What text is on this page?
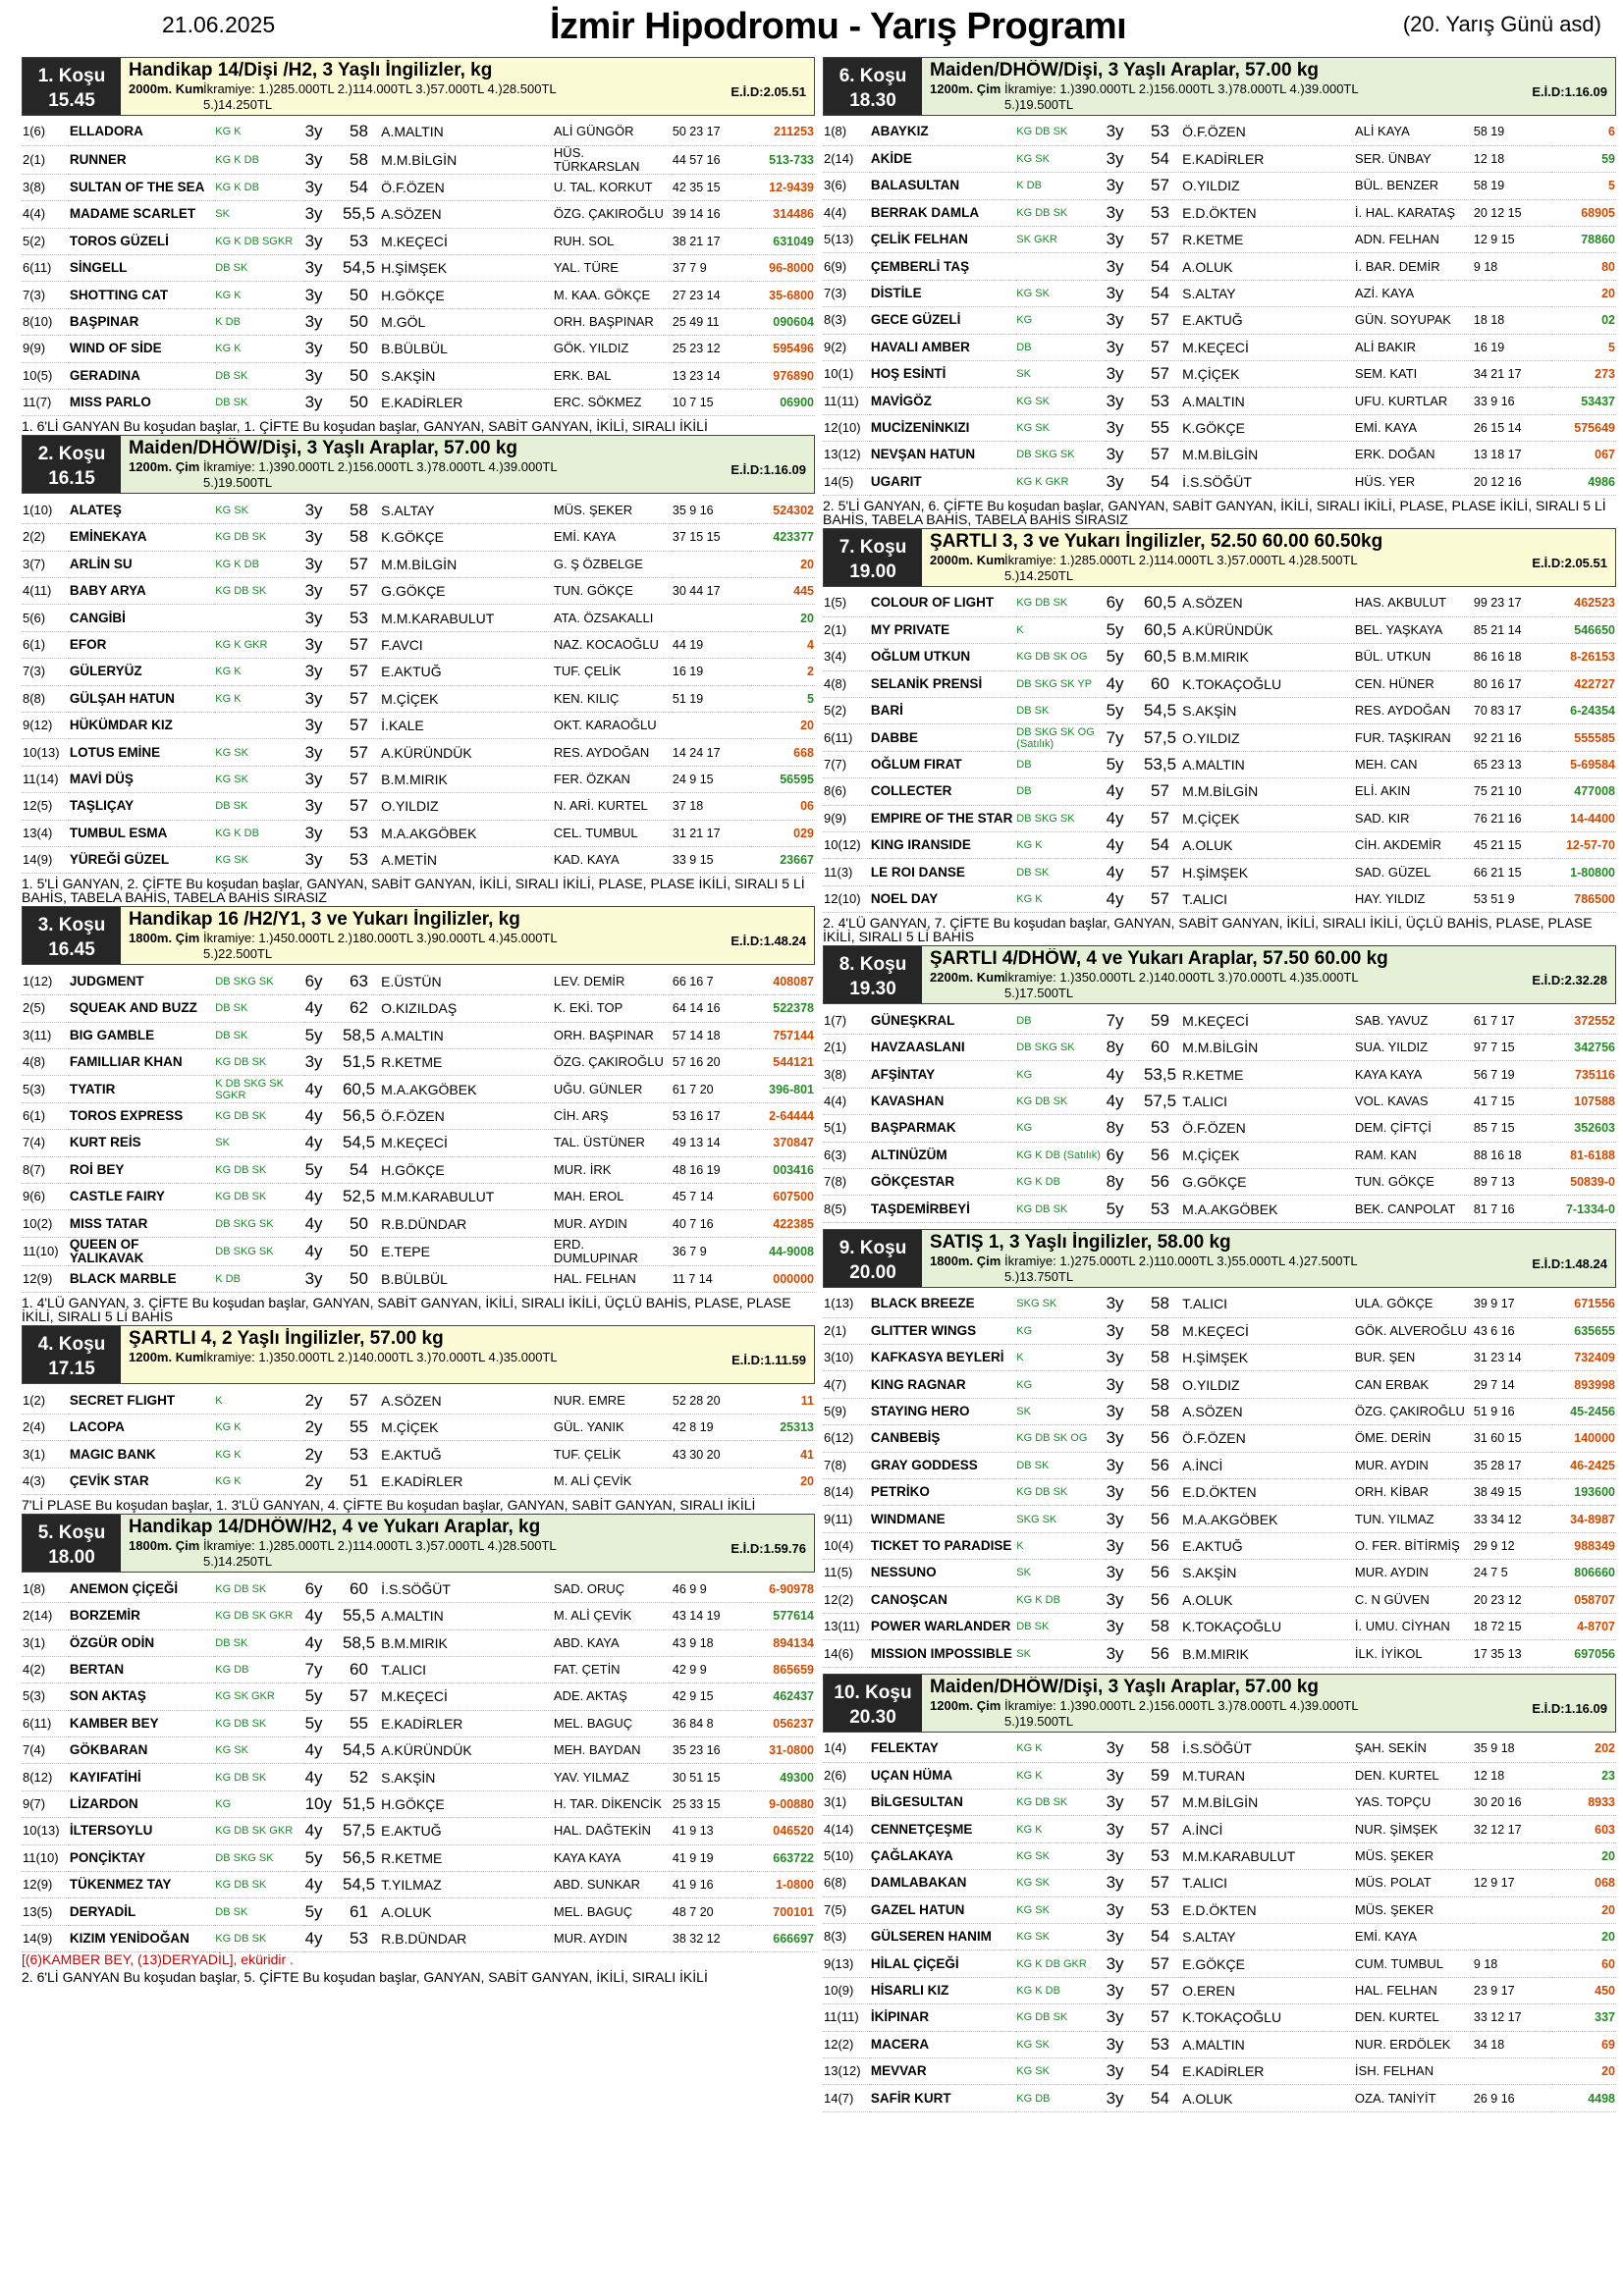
21.06.2025	İzmir Hipodromu - Yarış Programı	(20. Yarış Günü asd)
1. Koşu
15.45
Handikap 14/Dişi /H2, 3 Yaşlı İngilizler, kg
2000m. Kumİkramiye: 1.)285.000TL 2.)114.000TL 3.)57.000TL 4.)28.500TL
5.)14.250TL
E.İ.D:2.05.51
1(6)	ELLADORA	KG K	3y	58	A.MALTIN	ALİ GÜNGÖR	50 23 17	211253
2(1)	RUNNER	KG K DB	3y	58	M.M.BİLGİN	HÜS. TÜRKARSLAN	44 57 16	513-733
3(8)	SULTAN OF THE SEA	KG K DB	3y	54	Ö.F.ÖZEN	U. TAL. KORKUT	42 35 15	12-9439
4(4)	MADAME SCARLET	SK	3y	55,5	A.SÖZEN	ÖZG. ÇAKIROĞLU	39 14 16	314486
5(2)	TOROS GÜZELİ	KG K DB SGKR	3y	53	M.KEÇECİ	RUH. SOL	38 21 17	631049
6(11)	SİNGELL	DB SK	3y	54,5	H.ŞİMŞEK	YAL. TÜRE	37 7 9	96-8000
7(3)	SHOTTING CAT	KG K	3y	50	H.GÖKÇE	M. KAA. GÖKÇE	27 23 14	35-6800
8(10)	BAŞPINAR	K DB	3y	50	M.GÖL	ORH. BAŞPINAR	25 49 11	090604
9(9)	WIND OF SİDE	KG K	3y	50	B.BÜLBÜL	GÖK. YILDIZ	25 23 12	595496
10(5)	GERADINA	DB SK	3y	50	S.AKŞİN	ERK. BAL	13 23 14	976890
11(7)	MISS PARLO	DB SK	3y	50	E.KADİRLER	ERC. SÖKMEZ	10 7 15	06900
1. 6'Lİ GANYAN Bu koşudan başlar, 1. ÇİFTE Bu koşudan başlar, GANYAN, SABİT GANYAN, İKİLİ, SIRALI İKİLİ
2. Koşu
16.15
Maiden/DHÖW/Dişi, 3 Yaşlı Araplar, 57.00 kg
1200m. Çim İkramiye: 1.)390.000TL 2.)156.000TL 3.)78.000TL 4.)39.000TL
5.)19.500TL
E.İ.D:1.16.09
1(10)	ALATEŞ	KG SK	3y	58	S.ALTAY	MÜS. ŞEKER	35 9 16	524302
2(2)	EMİNEKAYA	KG DB SK	3y	58	K.GÖKÇE	EMİ. KAYA	37 15 15	423377
3(7)	ARLİN SU	KG K DB	3y	57	M.M.BİLGİN	G. Ş ÖZBELGE		20
4(11)	BABY ARYA	KG DB SK	3y	57	G.GÖKÇE	TUN. GÖKÇE	30 44 17	445
5(6)	CANGİBİ		3y	53	M.M.KARABULUT	ATA. ÖZSAKALLI		20
6(1)	EFOR	KG K GKR	3y	57	F.AVCI	NAZ. KOCAOĞLU	44 19	4
7(3)	GÜLERYÜZ	KG K	3y	57	E.AKTUĞ	TUF. ÇELİK	16 19	2
8(8)	GÜLŞAH HATUN	KG K	3y	57	M.ÇİÇEK	KEN. KILIÇ	51 19	5
9(12)	HÜKÜMDAR KIZ		3y	57	İ.KALE	OKT. KARAOĞLU		20
10(13)	LOTUS EMİNE	KG SK	3y	57	A.KÜRÜNDÜK	RES. AYDOĞAN	14 24 17	668
11(14)	MAVİ DÜŞ	KG SK	3y	57	B.M.MIRIK	FER. ÖZKAN	24 9 15	56595
12(5)	TAŞLIÇAY	DB SK	3y	57	O.YILDIZ	N. ARİ. KURTEL	37 18	06
13(4)	TUMBUL ESMA	KG K DB	3y	53	M.A.AKGÖBEK	CEL. TUMBUL	31 21 17	029
14(9)	YÜREĞİ GÜZEL	KG SK	3y	53	A.METİN	KAD. KAYA	33 9 15	23667
1. 5'Lİ GANYAN, 2. ÇİFTE Bu koşudan başlar, GANYAN, SABİT GANYAN, İKİLİ, SIRALI İKİLİ, PLASE, PLASE İKİLİ, SIRALI 5 Lİ BAHİS, TABELA BAHİS, TABELA BAHİS SIRASIZ
3. Koşu
16.45
Handikap 16 /H2/Y1, 3 ve Yukarı İngilizler, kg
1800m. Çim İkramiye: 1.)450.000TL 2.)180.000TL 3.)90.000TL 4.)45.000TL
5.)22.500TL
E.İ.D:1.48.24
1(12)	JUDGMENT	DB SKG SK	6y	63	E.ÜSTÜN	LEV. DEMİR	66 16 7	408087
2(5)	SQUEAK AND BUZZ	DB SK	4y	62	O.KIZILDAŞ	K. EKİ. TOP	64 14 16	522378
3(11)	BIG GAMBLE	DB SK	5y	58,5	A.MALTIN	ORH. BAŞPINAR	57 14 18	757144
4(8)	FAMILLIAR KHAN	KG DB SK	3y	51,5	R.KETME	ÖZG. ÇAKIROĞLU	57 16 20	544121
5(3)	TYATIR	K DB SKG SK SGKR	4y	60,5	M.A.AKGÖBEK	UĞU. GÜNLER	61 7 20	396-801
6(1)	TOROS EXPRESS	KG DB SK	4y	56,5	Ö.F.ÖZEN	CİH. ARŞ	53 16 17	2-64444
7(4)	KURT REİS	SK	4y	54,5	M.KEÇECİ	TAL. ÜSTÜNER	49 13 14	370847
8(7)	ROİ BEY	KG DB SK	5y	54	H.GÖKÇE	MUR. İRK	48 16 19	003416
9(6)	CASTLE FAIRY	KG DB SK	4y	52,5	M.M.KARABULUT	MAH. EROL	45 7 14	607500
10(2)	MISS TATAR	DB SKG SK	4y	50	R.B.DÜNDAR	MUR. AYDIN	40 7 16	422385
11(10)	QUEEN OF YALIKAVAK	DB SKG SK	4y	50	E.TEPE	ERD. DUMLUPINAR	36 7 9	44-9008
12(9)	BLACK MARBLE	K DB	3y	50	B.BÜLBÜL	HAL. FELHAN	11 7 14	000000
1. 4'LÜ GANYAN, 3. ÇİFTE Bu koşudan başlar, GANYAN, SABİT GANYAN, İKİLİ, SIRALI İKİLİ, ÜÇLÜ BAHİS, PLASE, PLASE İKİLİ, SIRALI 5 Lİ BAHİS
4. Koşu
17.15
ŞARTLI 4, 2 Yaşlı İngilizler, 57.00 kg
1200m. Kumİkramiye: 1.)350.000TL 2.)140.000TL 3.)70.000TL 4.)35.000TL	E.İ.D:1.11.59
1(2)	SECRET FLIGHT	K	2y	57	A.SÖZEN	NUR. EMRE	52 28 20	11
2(4)	LACOPA	KG K	2y	55	M.ÇİÇEK	GÜL. YANIK	42 8 19	25313
3(1)	MAGIC BANK	KG K	2y	53	E.AKTUĞ	TUF. ÇELİK	43 30 20	41
4(3)	ÇEVİK STAR	KG K	2y	51	E.KADİRLER	M. ALİ ÇEVİK		20
7'Lİ PLASE Bu koşudan başlar, 1. 3'LÜ GANYAN, 4. ÇİFTE Bu koşudan başlar, GANYAN, SABİT GANYAN, SIRALI İKİLİ
5. Koşu
18.00
Handikap 14/DHÖW/H2, 4 ve Yukarı Araplar, kg
1800m. Çim İkramiye: 1.)285.000TL 2.)114.000TL 3.)57.000TL 4.)28.500TL
5.)14.250TL
E.İ.D:1.59.76
1(8)	ANEMON ÇİÇEĞİ	KG DB SK	6y	60	İ.S.SÖĞÜT	SAD. ORUÇ	46 9 9	6-90978
2(14)	BORZEMİR	KG DB SK GKR	4y	55,5	A.MALTIN	M. ALİ ÇEVİK	43 14 19	577614
3(1)	ÖZGÜR ODİN	DB SK	4y	58,5	B.M.MIRIK	ABD. KAYA	43 9 18	894134
4(2)	BERTAN	KG DB	7y	60	T.ALICI	FAT. ÇETİN	42 9 9	865659
5(3)	SON AKTAŞ	KG SK GKR	5y	57	M.KEÇECİ	ADE. AKTAŞ	42 9 15	462437
6(11)	KAMBER BEY	KG DB SK	5y	55	E.KADİRLER	MEL. BAGUÇ	36 84 8	056237
7(4)	GÖKBARAN	KG SK	4y	54,5	A.KÜRÜNDÜK	MEH. BAYDAN	35 23 16	31-0800
8(12)	KAYIFATİHİ	KG DB SK	4y	52	S.AKŞİN	YAV. YILMAZ	30 51 15	49300
9(7)	LİZARDON	KG	10y	51,5	H.GÖKÇE	H. TAR. DİKENCİK	25 33 15	9-00880
10(13)	İLTERSOYLU	KG DB SK GKR	4y	57,5	E.AKTUĞ	HAL. DAĞTEKİN	41 9 13	046520
11(10)	PONÇİKTAY	DB SKG SK	5y	56,5	R.KETME	KAYA KAYA	41 9 19	663722
12(9)	TÜKENMEZ TAY	KG DB SK	4y	54,5	T.YILMAZ	ABD. SUNKAR	41 9 16	1-0800
13(5)	DERYADİL	DB SK	5y	61	A.OLUK	MEL. BAGUÇ	48 7 20	700101
14(9)	KIZIM YENİDOĞAN	KG DB SK	4y	53	R.B.DÜNDAR	MUR. AYDIN	38 32 12	666697
[(6)KAMBER BEY, (13)DERYADİL], eküridir .
2. 6'Lİ GANYAN Bu koşudan başlar, 5. ÇİFTE Bu koşudan başlar, GANYAN, SABİT GANYAN, İKİLİ, SIRALI İKİLİ
6. Koşu
18.30
Maiden/DHÖW/Dişi, 3 Yaşlı Araplar, 57.00 kg
1200m. Çim İkramiye: 1.)390.000TL 2.)156.000TL 3.)78.000TL 4.)39.000TL
5.)19.500TL
E.İ.D:1.16.09
1(8)	ABAYKIZ	KG DB SK	3y	53	Ö.F.ÖZEN	ALİ KAYA	58 19	6
2(14)	AKİDE	KG SK	3y	54	E.KADİRLER	SER. ÜNBAY	12 18	59
3(6)	BALASULTAN	K DB	3y	57	O.YILDIZ	BÜL. BENZER	58 19	5
4(4)	BERRAK DAMLA	KG DB SK	3y	53	E.D.ÖKTEN	İ. HAL. KARATAŞ	20 12 15	68905
5(13)	ÇELİK FELHAN	SK GKR	3y	57	R.KETME	ADN. FELHAN	12 9 15	78860
6(9)	ÇEMBERLİ TAŞ		3y	54	A.OLUK	İ. BAR. DEMİR	9 18	80
7(3)	DİSTİLE	KG SK	3y	54	S.ALTAY	AZİ. KAYA		20
8(3)	GECE GÜZELİ	KG	3y	57	E.AKTUĞ	GÜN. SOYUPAK	18 18	02
9(2)	HAVALI AMBER	DB	3y	57	M.KEÇECİ	ALİ BAKIR	16 19	5
10(1)	HOŞ ESİNTİ	SK	3y	57	M.ÇİÇEK	SEM. KATI	34 21 17	273
11(11)	MAVİGÖZ	KG SK	3y	53	A.MALTIN	UFU. KURTLAR	33 9 16	53437
12(10)	MUCİZENİNKIZI	KG SK	3y	55	K.GÖKÇE	EMİ. KAYA	26 15 14	575649
13(12)	NEVŞAN HATUN	DB SKG SK	3y	57	M.M.BİLGİN	ERK. DOĞAN	13 18 17	067
14(5)	UGARIT	KG K GKR	3y	54	İ.S.SÖĞÜT	HÜS. YER	20 12 16	4986
2. 5'Lİ GANYAN, 6. ÇİFTE Bu koşudan başlar, GANYAN, SABİT GANYAN, İKİLİ, SIRALI İKİLİ, PLASE, PLASE İKİLİ, SIRALI 5 Lİ BAHİS, TABELA BAHİS, TABELA BAHİS SIRASIZ
7. Koşu
19.00
ŞARTLI 3, 3 ve Yukarı İngilizler, 52.50 60.00 60.50kg
2000m. Kumİkramiye: 1.)285.000TL 2.)114.000TL 3.)57.000TL 4.)28.500TL
5.)14.250TL
E.İ.D:2.05.51
1(5)	COLOUR OF LIGHT	KG DB SK	6y	60,5	A.SÖZEN	HAS. AKBULUT	99 23 17	462523
2(1)	MY PRIVATE	K	5y	60,5	A.KÜRÜNDÜK	BEL. YAŞKAYA	85 21 14	546650
3(4)	OĞLUM UTKUN	KG DB SK OG	5y	60,5	B.M.MIRIK	BÜL. UTKUN	86 16 18	8-26153
4(8)	SELANİK PRENSİ	DB SKG SK YP	4y	60	K.TOKAÇOĞLU	CEN. HÜNER	80 16 17	422727
5(2)	BARİ	DB SK	5y	54,5	S.AKŞİN	RES. AYDOĞAN	70 83 17	6-24354
6(11)	DABBE	DB SKG SK OG (Satılık)	7y	57,5	O.YILDIZ	FUR. TAŞKIRAN	92 21 16	555585
7(7)	OĞLUM FIRAT	DB	5y	53,5	A.MALTIN	MEH. CAN	65 23 13	5-69584
8(6)	COLLECTER	DB	4y	57	M.M.BİLGİN	ELİ. AKIN	75 21 10	477008
9(9)	EMPIRE OF THE STAR	DB SKG SK	4y	57	M.ÇİÇEK	SAD. KIR	76 21 16	14-4400
10(12)	KING IRANSIDE	KG K	4y	54	A.OLUK	CİH. AKDEMİR	45 21 15	12-57-70
11(3)	LE ROI DANSE	DB SK	4y	57	H.ŞİMŞEK	SAD. GÜZEL	66 21 15	1-80800
12(10)	NOEL DAY	KG K	4y	57	T.ALICI	HAY. YILDIZ	53 51 9	786500
2. 4'LÜ GANYAN, 7. ÇİFTE Bu koşudan başlar, GANYAN, SABİT GANYAN, İKİLİ, SIRALI İKİLİ, ÜÇLÜ BAHİS, PLASE, PLASE İKİLİ, SIRALI 5 Lİ BAHİS
8. Koşu
19.30
ŞARTLI 4/DHÖW, 4 ve Yukarı Araplar, 57.50 60.00 kg
2200m. Kumİkramiye: 1.)350.000TL 2.)140.000TL 3.)70.000TL 4.)35.000TL
5.)17.500TL
E.İ.D:2.32.28
1(7)	GÜNEŞKRAL	DB	7y	59	M.KEÇECİ	SAB. YAVUZ	61 7 17	372552
2(1)	HAVZAASLANI	DB SKG SK	8y	60	M.M.BİLGİN	SUA. YILDIZ	97 7 15	342756
3(8)	AFŞİNTAY	KG	4y	53,5	R.KETME	KAYA KAYA	56 7 19	735116
4(4)	KAVASHAN	KG DB SK	4y	57,5	T.ALICI	VOL. KAVAS	41 7 15	107588
5(1)	BAŞPARMAK	KG	8y	53	Ö.F.ÖZEN	DEM. ÇİFTÇİ	85 7 15	352603
6(3)	ALTINÜZÜM	KG K DB (Satılık)	6y	56	M.ÇİÇEK	RAM. KAN	88 16 18	81-6188
7(8)	GÖKÇESTAR	KG K DB	8y	56	G.GÖKÇE	TUN. GÖKÇE	89 7 13	50839-0
8(5)	TAŞDEMİRBEYİ	KG DB SK	5y	53	M.A.AKGÖBEK	BEK. CANPOLAT	81 7 16	7-1334-0
9. Koşu
20.00
SATIŞ 1, 3 Yaşlı İngilizler, 58.00 kg
1800m. Çim İkramiye: 1.)275.000TL 2.)110.000TL 3.)55.000TL 4.)27.500TL
5.)13.750TL
E.İ.D:1.48.24
1(13)	BLACK BREEZE	SKG SK	3y	58	T.ALICI	ULA. GÖKÇE	39 9 17	671556
2(1)	GLITTER WINGS	KG	3y	58	M.KEÇECİ	GÖK. ALVEROĞLU	43 6 16	635655
3(10)	KAFKASYA BEYLERİ	K	3y	58	H.ŞİMŞEK	BUR. ŞEN	31 23 14	732409
4(7)	KING RAGNAR	KG	3y	58	O.YILDIZ	CAN ERBAK	29 7 14	893998
5(9)	STAYING HERO	SK	3y	58	A.SÖZEN	ÖZG. ÇAKIROĞLU	51 9 16	45-2456
6(12)	CANBEBİŞ	KG DB SK OG	3y	56	Ö.F.ÖZEN	ÖME. DERİN	31 60 15	140000
7(8)	GRAY GODDESS	DB SK	3y	56	A.İNCİ	MUR. AYDIN	35 28 17	46-2425
8(14)	PETRİKO	KG DB SK	3y	56	E.D.ÖKTEN	ORH. KİBAR	38 49 15	193600
9(11)	WINDMANE	SKG SK	3y	56	M.A.AKGÖBEK	TUN. YILMAZ	33 34 12	34-8987
10(4)	TICKET TO PARADISE	K	3y	56	E.AKTUĞ	O. FER. BİTİRMİŞ	29 9 12	988349
11(5)	NESSUNO	SK	3y	56	S.AKŞİN	MUR. AYDIN	24 7 5	806660
12(2)	CANOŞCAN	KG K DB	3y	56	A.OLUK	C. N GÜVEN	20 23 12	058707
13(11)	POWER WARLANDER	DB SK	3y	58	K.TOKAÇOĞLU	İ. UMU. CİYHAN	18 72 15	4-8707
14(6)	MISSION IMPOSSIBLE	SK	3y	56	B.M.MIRIK	İLK. İYİKOL	17 35 13	697056
10. Koşu
20.30
Maiden/DHÖW/Dişi, 3 Yaşlı Araplar, 57.00 kg
1200m. Çim İkramiye: 1.)390.000TL 2.)156.000TL 3.)78.000TL 4.)39.000TL
5.)19.500TL
E.İ.D:1.16.09
1(4)	FELEKTAY	KG K	3y	58	İ.S.SÖĞÜT	ŞAH. SEKİN	35 9 18	202
2(6)	UÇAN HÜMA	KG K	3y	59	M.TURAN	DEN. KURTEL	12 18	23
3(1)	BİLGESULTAN	KG DB SK	3y	57	M.M.BİLGİN	YAS. TOPÇU	30 20 16	8933
4(14)	CENNETÇEŞME	KG K	3y	57	A.İNCİ	NUR. ŞİMŞEK	32 12 17	603
5(10)	ÇAĞLAKAYA	KG SK	3y	53	M.M.KARABULUT	MÜS. ŞEKER		20
6(8)	DAMLABAKAN	KG SK	3y	57	T.ALICI	MÜS. POLAT	12 9 17	068
7(5)	GAZEL HATUN	KG SK	3y	53	E.D.ÖKTEN	MÜS. ŞEKER		20
8(3)	GÜLSEREN HANIM	KG SK	3y	54	S.ALTAY	EMİ. KAYA		20
9(13)	HİLAL ÇİÇEĞİ	KG K DB GKR	3y	57	E.GÖKÇE	CUM. TUMBUL	9 18	60
10(9)	HİSARLI KIZ	KG K DB	3y	57	O.EREN	HAL. FELHAN	23 9 17	450
11(11)	İKİPINAR	KG DB SK	3y	57	K.TOKAÇOĞLU	DEN. KURTEL	33 12 17	337
12(2)	MACERA	KG SK	3y	53	A.MALTIN	NUR. ERDÖLEK	34 18	69
13(12)	MEVVAR	KG SK	3y	54	E.KADİRLER	İSH. FELHAN		20
14(7)	SAFİR KURT	KG DB	3y	54	A.OLUK	OZA. TANİYİT	26 9 16	4498
